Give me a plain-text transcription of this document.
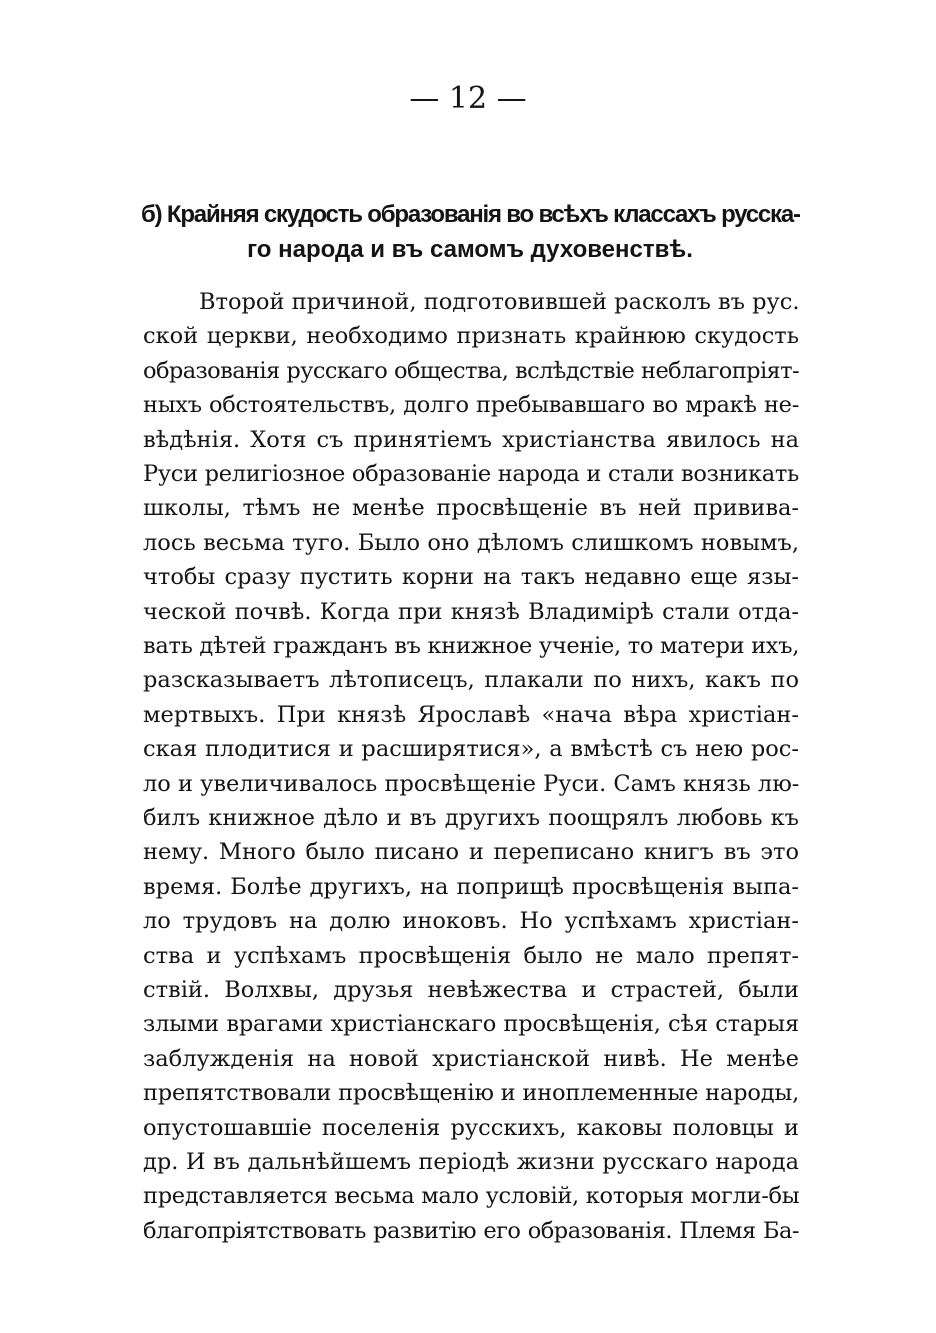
— 12 —
б) Крайняя скудость образованія во всѣхъ классахъ русска-
го народа и въ самомъ духовенствѣ.
Второй причиной, подготовившей расколъ въ рус.
ской церкви, необходимо признать крайнюю скудость
образованія русскаго общества, вслѣдствіе неблагопріят-
ныхъ обстоятельствъ, долго пребывавшаго во мракѣ не-
вѣдѣнія. Хотя съ принятіемъ христіанства явилось на
Руси религіозное образованіе народа и стали возникать
школы, тѣмъ не менѣе просвѣщеніе въ ней прививa-
лось весьма туго. Было оно дѣломъ слишкомъ новымъ,
чтобы сразу пустить корни на такъ недавно еще язы-
ческой почвѣ. Когда при князѣ Владимірѣ стали отда-
вать дѣтей гражданъ въ книжное ученіе, то матери ихъ,
разсказываетъ лѣтописецъ, плакали по нихъ, какъ по
мертвыхъ. При князѣ Ярославѣ «нача вѣра христіан-
ская плодитися и расширятися», а вмѣстѣ съ нею рос-
ло и увеличивалось просвѣщеніе Руси. Самъ князь лю-
билъ книжное дѣло и въ другихъ поощрялъ любовь къ
нему. Много было писано и переписано книгъ въ это
время. Болѣе другихъ, на поприщѣ просвѣщенія выпа-
ло трудовъ на долю иноковъ. Но успѣхамъ христіан-
ства и успѣхамъ просвѣщенія было не мало препят-
ствій. Волхвы, друзья невѣжества и страстей, были
злыми врагами христіанскаго просвѣщенія, сѣя старыя
заблужденія на новой христіанской нивѣ. Не менѣе
препятствовали просвѣщенію и иноплеменные народы,
опустошавшіе поселенія русскихъ, каковы половцы и
др. И въ дальнѣйшемъ періодѣ жизни русскаго народа
представляется весьма мало условій, которыя могли-бы
благопріятствовать развитію его образованія. Племя Ба-
